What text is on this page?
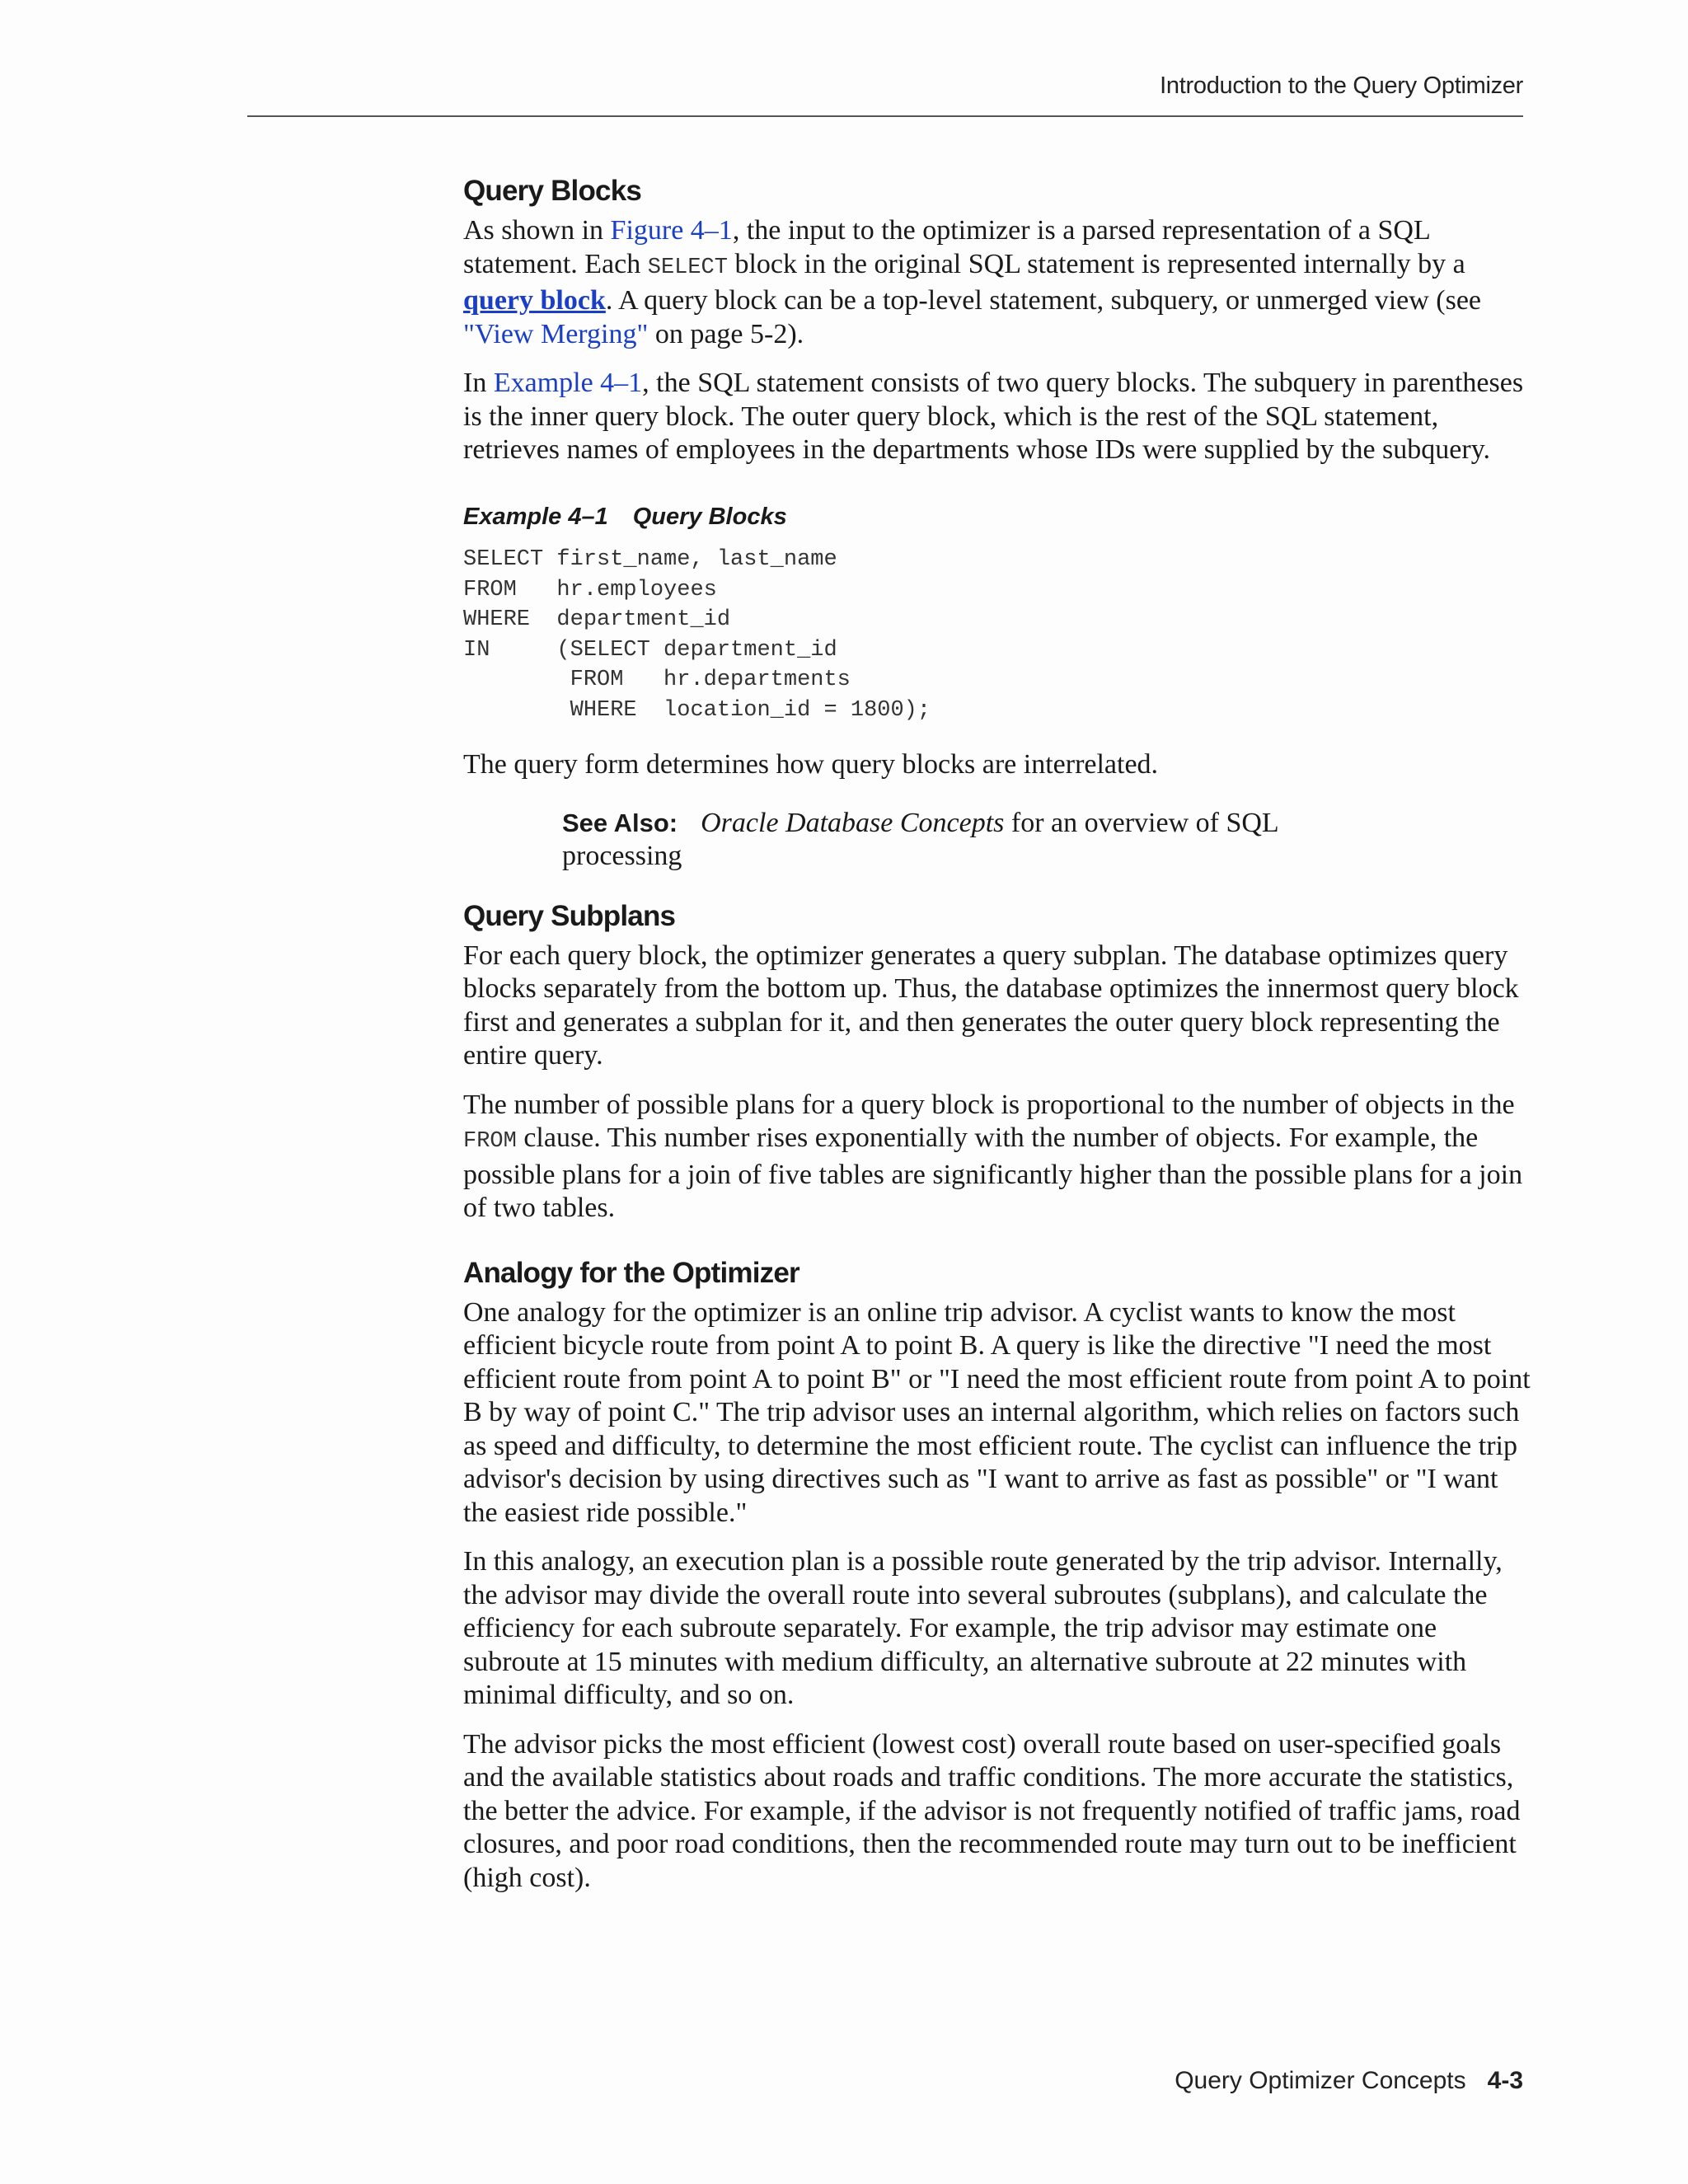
Introduction to the Query Optimizer
Query Blocks

As shown in Figure 4–1, the input to the optimizer is a parsed representation of a SQL statement. Each SELECT block in the original SQL statement is represented internally by a query block. A query block can be a top-level statement, subquery, or unmerged view (see "View Merging" on page 5-2).

In Example 4–1, the SQL statement consists of two query blocks. The subquery in parentheses is the inner query block. The outer query block, which is the rest of the SQL statement, retrieves names of employees in the departments whose IDs were supplied by the subquery.

Example 4–1 Query Blocks
SELECT first_name, last_name
FROM   hr.employees
WHERE  department_id
IN     (SELECT department_id
FROM   hr.departments
WHERE  location_id = 1800);

The query form determines how query blocks are interrelated.

See Also: Oracle Database Concepts for an overview of SQL processing
Query Subplans

For each query block, the optimizer generates a query subplan. The database optimizes query blocks separately from the bottom up. Thus, the database optimizes the innermost query block first and generates a subplan for it, and then generates the outer query block representing the entire query.

The number of possible plans for a query block is proportional to the number of objects in the FROM clause. This number rises exponentially with the number of objects. For example, the possible plans for a join of five tables are significantly higher than the possible plans for a join of two tables.

Analogy for the Optimizer

One analogy for the optimizer is an online trip advisor. A cyclist wants to know the most efficient bicycle route from point A to point B. A query is like the directive "I need the most efficient route from point A to point B" or "I need the most efficient route from point A to point B by way of point C." The trip advisor uses an internal algorithm, which relies on factors such as speed and difficulty, to determine the most efficient route. The cyclist can influence the trip advisor's decision by using directives such as "I want to arrive as fast as possible" or "I want the easiest ride possible."

In this analogy, an execution plan is a possible route generated by the trip advisor. Internally, the advisor may divide the overall route into several subroutes (subplans), and calculate the efficiency for each subroute separately. For example, the trip advisor may estimate one subroute at 15 minutes with medium difficulty, an alternative subroute at 22 minutes with minimal difficulty, and so on.

The advisor picks the most efficient (lowest cost) overall route based on user-specified goals and the available statistics about roads and traffic conditions. The more accurate the statistics, the better the advice. For example, if the advisor is not frequently notified of traffic jams, road closures, and poor road conditions, then the recommended route may turn out to be inefficient (high cost).

Query Optimizer Concepts 4-3
